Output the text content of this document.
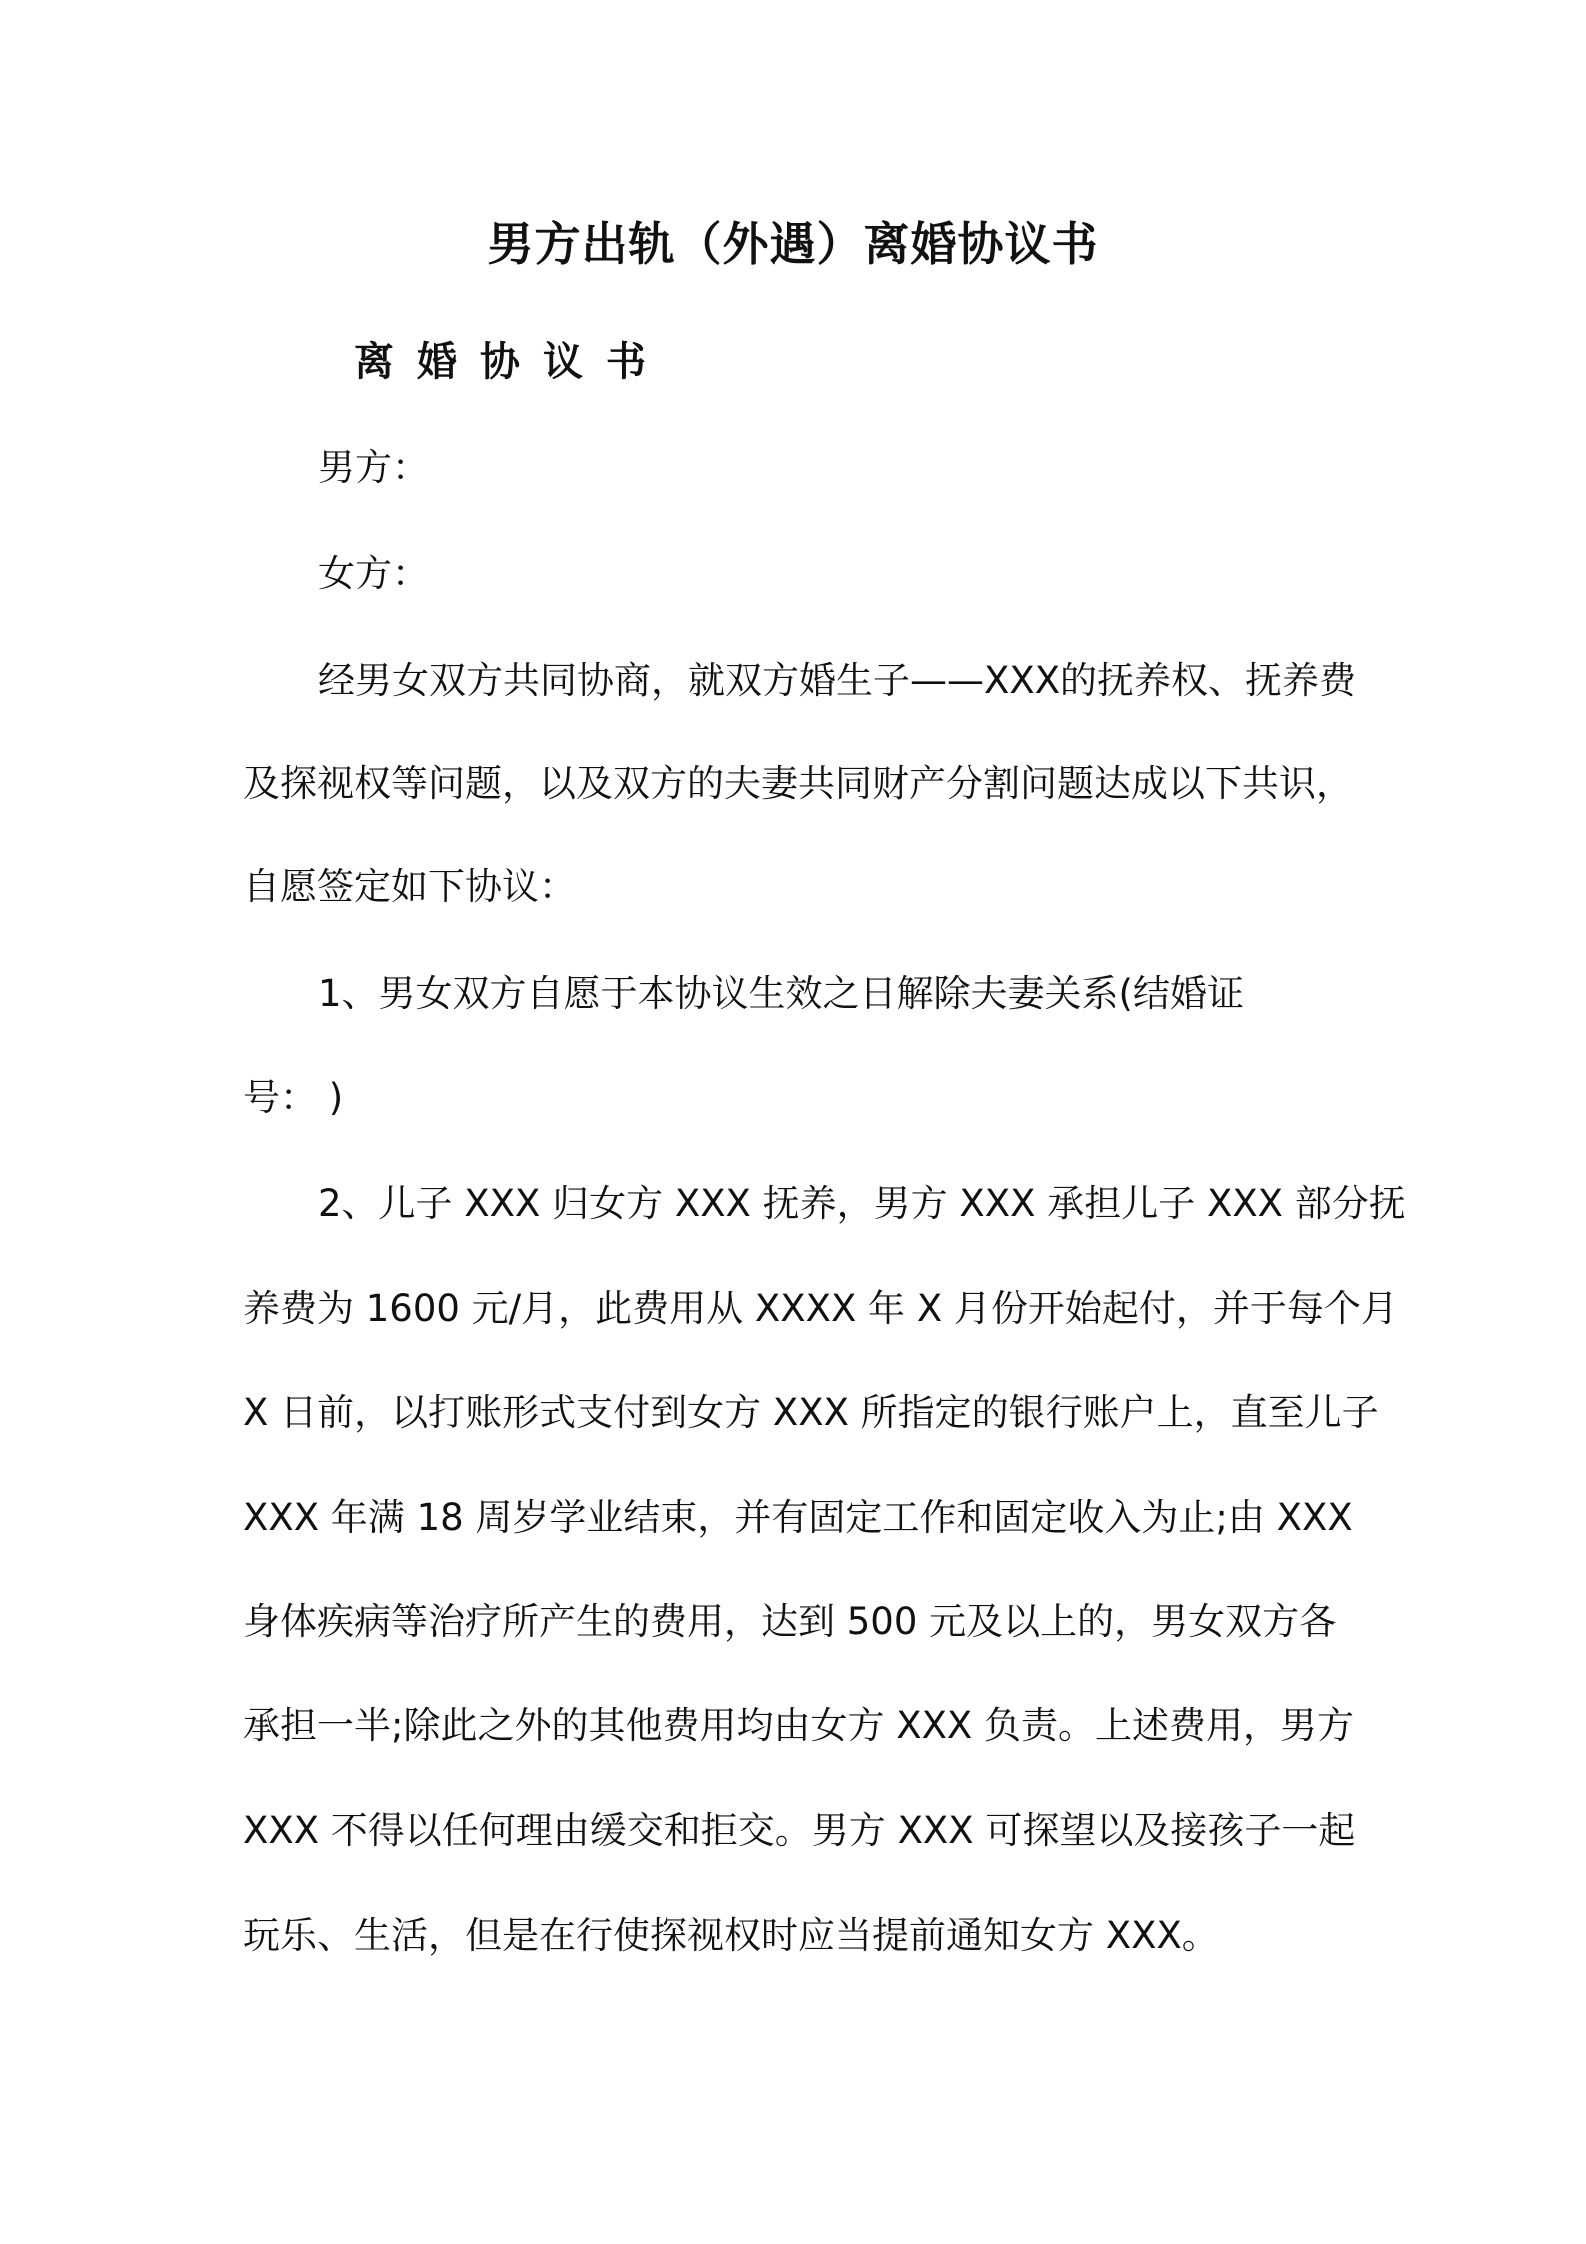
男方出轨（外遇）离婚协议书
离婚协议书
男方：
女方：
经男女双方共同协商，就双方婚生子——XXX的抚养权、抚养费
及探视权等问题，以及双方的夫妻共同财产分割问题达成以下共识，
自愿签定如下协议：
1、男女双方自愿于本协议生效之日解除夫妻关系(结婚证
号： )
2、儿子 XXX 归女方 XXX 抚养，男方 XXX 承担儿子 XXX 部分抚
养费为 1600 元/月，此费用从 XXXX 年 X 月份开始起付，并于每个月
X 日前，以打账形式支付到女方 XXX 所指定的银行账户上，直至儿子
XXX 年满 18 周岁学业结束，并有固定工作和固定收入为止;由 XXX
身体疾病等治疗所产生的费用，达到 500 元及以上的，男女双方各
承担一半;除此之外的其他费用均由女方 XXX 负责。上述费用，男方
XXX 不得以任何理由缓交和拒交。男方 XXX 可探望以及接孩子一起
玩乐、生活，但是在行使探视权时应当提前通知女方 XXX。
